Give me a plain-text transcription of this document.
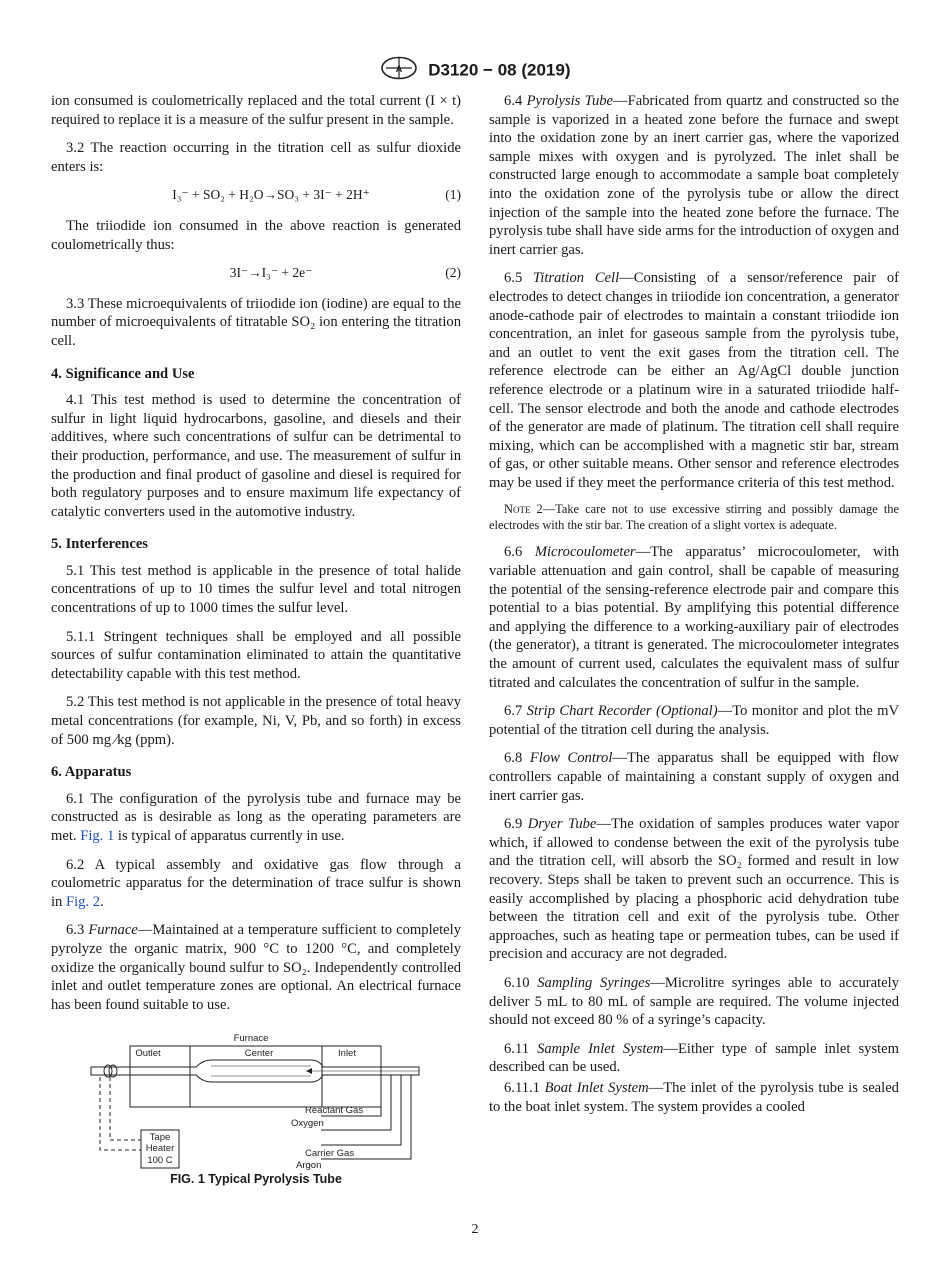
A D3120 − 08 (2019)

ion consumed is coulometrically replaced and the total current (I × t) required to replace it is a measure of the sulfur present in the sample.

3.2 The reaction occurring in the titration cell as sulfur dioxide enters is:

I₃⁻ + SO₂ + H₂O→SO₃ + 3I⁻ + 2H⁺	(1)

The triiodide ion consumed in the above reaction is generated coulometrically thus:

3I⁻→I₃⁻ + 2e⁻	(2)

3.3 These microequivalents of triiodide ion (iodine) are equal to the number of microequivalents of titratable SO₂ ion entering the titration cell.

4. Significance and Use

4.1 This test method is used to determine the concentration of sulfur in light liquid hydrocarbons, gasoline, and diesels and their additives, where such concentrations of sulfur can be detrimental to their production, performance, and use. The measurement of sulfur in the production and final product of gasoline and diesel is required for both regulatory purposes and to ensure maximum life expectancy of catalytic converters used in the automotive industry.

5. Interferences

5.1 This test method is applicable in the presence of total halide concentrations of up to 10 times the sulfur level and total nitrogen concentrations of up to 1000 times the sulfur level.

5.1.1 Stringent techniques shall be employed and all possible sources of sulfur contamination eliminated to attain the quantitative detectability capable with this test method.

5.2 This test method is not applicable in the presence of total heavy metal concentrations (for example, Ni, V, Pb, and so forth) in excess of 500 mg ⁄kg (ppm).

6. Apparatus

6.1 The configuration of the pyrolysis tube and furnace may be constructed as is desirable as long as the operating parameters are met. Fig. 1 is typical of apparatus currently in use.

6.2 A typical assembly and oxidative gas flow through a coulometric apparatus for the determination of trace sulfur is shown in Fig. 2.

6.3 Furnace—Maintained at a temperature sufficient to completely pyrolyze the organic matrix, 900 °C to 1200 °C, and completely oxidize the organically bound sulfur to SO₂. Independently controlled inlet and outlet temperature zones are optional. An electrical furnace has been found suitable to use.

Furnace
Outlet	Center	Inlet
Tape
Heater
100 C
Reactant Gas
Oxygen
Carrier Gas
Argon
FIG. 1 Typical Pyrolysis Tube

6.4 Pyrolysis Tube—Fabricated from quartz and constructed so the sample is vaporized in a heated zone before the furnace and swept into the oxidation zone by an inert carrier gas, where the vaporized sample mixes with oxygen and is pyrolyzed. The inlet shall be constructed large enough to accommodate a sample boat completely into the oxidation zone of the pyrolysis tube or allow the direct injection of the sample into the heated zone before the furnace. The pyrolysis tube shall have side arms for the introduction of oxygen and inert carrier gas.

6.5 Titration Cell—Consisting of a sensor/reference pair of electrodes to detect changes in triiodide ion concentration, a generator anode-cathode pair of electrodes to maintain a constant triiodide ion concentration, an inlet for gaseous sample from the pyrolysis tube, and an outlet to vent the exit gases from the titration cell. The reference electrode can be either an Ag/AgCl double junction reference electrode or a platinum wire in a saturated triiodide half-cell. The sensor electrode and both the anode and cathode electrodes of the generator are made of platinum. The titration cell shall require mixing, which can be accomplished with a magnetic stir bar, stream of gas, or other suitable means. Other sensor and reference electrodes may be used if they meet the performance criteria of this test method.

Note 2—Take care not to use excessive stirring and possibly damage the electrodes with the stir bar. The creation of a slight vortex is adequate.

6.6 Microcoulometer—The apparatus’ microcoulometer, with variable attenuation and gain control, shall be capable of measuring the potential of the sensing-reference electrode pair and compare this potential to a bias potential. By amplifying this potential difference and applying the difference to a working-auxiliary pair of electrodes (the generator), a titrant is generated. The microcoulometer integrates the amount of current used, calculates the equivalent mass of sulfur titrated and calculates the concentration of sulfur in the sample.

6.7 Strip Chart Recorder (Optional)—To monitor and plot the mV potential of the titration cell during the analysis.

6.8 Flow Control—The apparatus shall be equipped with flow controllers capable of maintaining a constant supply of oxygen and inert carrier gas.

6.9 Dryer Tube—The oxidation of samples produces water vapor which, if allowed to condense between the exit of the pyrolysis tube and the titration cell, will absorb the SO₂ formed and result in low recovery. Steps shall be taken to prevent such an occurrence. This is easily accomplished by placing a phosphoric acid dehydration tube between the titration cell and exit of the pyrolysis tube. Other approaches, such as heating tape or permeation tubes, can be used if precision and accuracy are not degraded.

6.10 Sampling Syringes—Microlitre syringes able to accurately deliver 5 mL to 80 mL of sample are required. The volume injected should not exceed 80 % of a syringe’s capacity.

6.11 Sample Inlet System—Either type of sample inlet system described can be used.

6.11.1 Boat Inlet System—The inlet of the pyrolysis tube is sealed to the boat inlet system. The system provides a cooled

2
